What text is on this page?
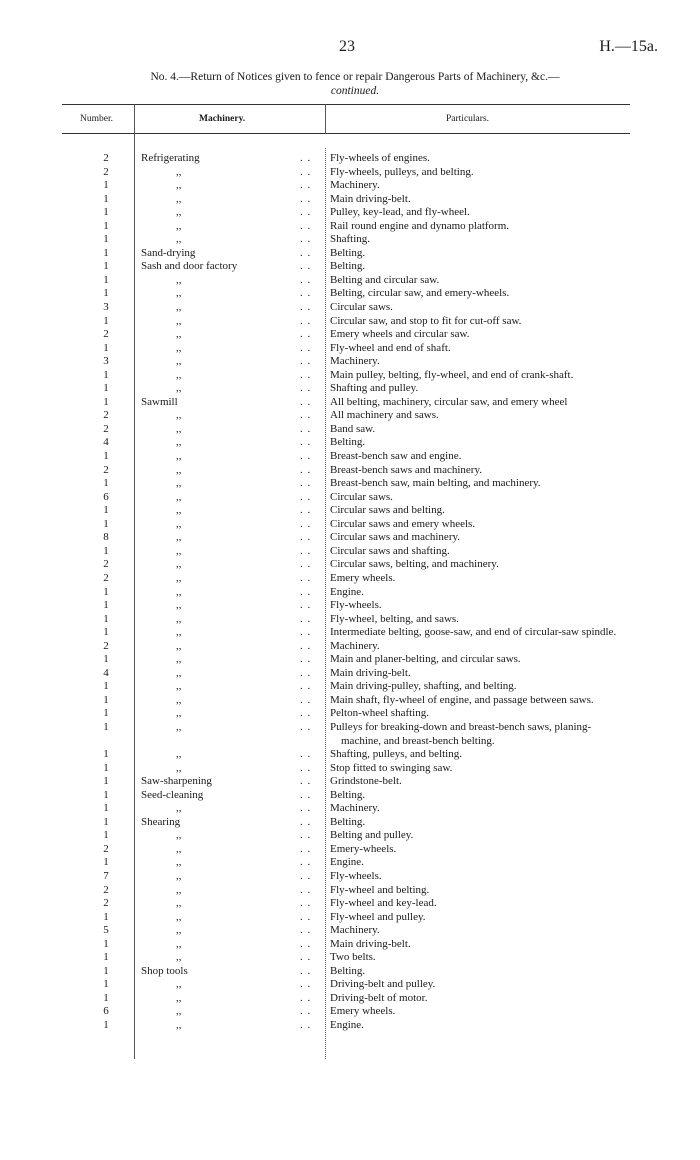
23	H.—15a.
No. 4.—Return of Notices given to fence or repair Dangerous Parts of Machinery, &c.—
continued.
Number.	Machinery.	Particulars.
2	Refrigerating	. . Fly-wheels of engines.
2	,,	. . Fly-wheels, pulleys, and belting.
1	,,	. . Machinery.
1	,,	. . Main driving-belt.
1	,,	. . Pulley, key-lead, and fly-wheel.
1	,,	. . Rail round engine and dynamo platform.
1	,,	. . Shafting.
1	Sand-drying	. . Belting.
1	Sash and door factory	. . Belting.
1	,,	. . Belting and circular saw.
1	,,	. . Belting, circular saw, and emery-wheels.
3	,,	. . Circular saws.
1	,,	. . Circular saw, and stop to fit for cut-off saw.
2	,,	. . Emery wheels and circular saw.
1	,,	. . Fly-wheel and end of shaft.
3	,,	. . Machinery.
1	,,	. . Main pulley, belting, fly-wheel, and end of crank-shaft.
1	,,	. . Shafting and pulley.
1	Sawmill	. . All belting, machinery, circular saw, and emery wheel
2	,,	. . All machinery and saws.
2	,,	. . Band saw.
4	,,	. . Belting.
1	,,	. . Breast-bench saw and engine.
2	,,	. . Breast-bench saws and machinery.
1	,,	. . Breast-bench saw, main belting, and machinery.
6	,,	. . Circular saws.
1	,,	. . Circular saws and belting.
1	,,	. . Circular saws and emery wheels.
8	,,	. . Circular saws and machinery.
1	,,	. . Circular saws and shafting.
2	,,	. . Circular saws, belting, and machinery.
2	,,	. . Emery wheels.
1	,,	. . Engine.
1	,,	. . Fly-wheels.
1	,,	. . Fly-wheel, belting, and saws.
1	,,	. . Intermediate belting, goose-saw, and end of circular-saw spindle.
2	,,	. . Machinery.
1	,,	. . Main and planer-belting, and circular saws.
4	,,	. . Main driving-belt.
1	,,	. . Main driving-pulley, shafting, and belting.
1	,,	. . Main shaft, fly-wheel of engine, and passage between saws.
1	,,	. . Pelton-wheel shafting.
1	,,	. . Pulleys for breaking-down and breast-bench saws, planing-machine, and breast-bench belting.
1	,,	. . Shafting, pulleys, and belting.
1	,,	. . Stop fitted to swinging saw.
1	Saw-sharpening	. . Grindstone-belt.
1	Seed-cleaning	. . Belting.
1	,,	. . Machinery.
1	Shearing	. . Belting.
1	,,	. . Belting and pulley.
2	,,	. . Emery-wheels.
1	,,	. . Engine.
7	,,	. . Fly-wheels.
2	,,	. . Fly-wheel and belting.
2	,,	. . Fly-wheel and key-lead.
1	,,	. . Fly-wheel and pulley.
5	,,	. . Machinery.
1	,,	. . Main driving-belt.
1	,,	. . Two belts.
1	Shop tools	. . Belting.
1	,,	. . Driving-belt and pulley.
1	,,	. . Driving-belt of motor.
6	,,	. . Emery wheels.
1	,,	. . Engine.
